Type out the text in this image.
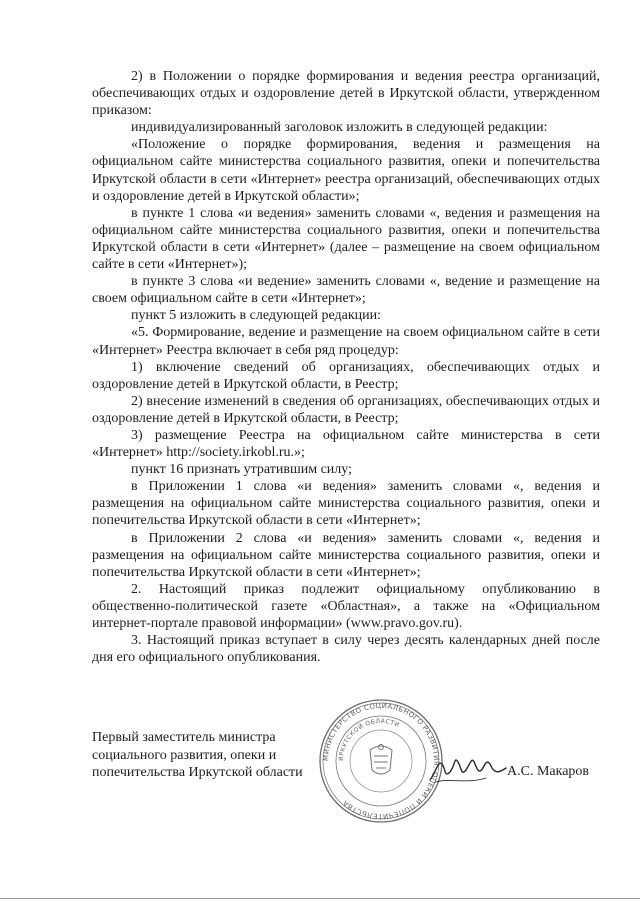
2) в Положении о порядке формирования и ведения реестра организаций, обеспечивающих отдых и оздоровление детей в Иркутской области, утвержденном приказом:

индивидуализированный заголовок изложить в следующей редакции:

«Положение о порядке формирования, ведения и размещения на официальном сайте министерства социального развития, опеки и попечительства Иркутской области в сети «Интернет» реестра организаций, обеспечивающих отдых и оздоровление детей в Иркутской области»;

в пункте 1 слова «и ведения» заменить словами «, ведения и размещения на официальном сайте министерства социального развития, опеки и попечительства Иркутской области в сети «Интернет» (далее – размещение на своем официальном сайте в сети «Интернет»);

в пункте 3 слова «и ведение» заменить словами «, ведение и размещение на своем официальном сайте в сети «Интернет»;

пункт 5 изложить в следующей редакции:

«5. Формирование, ведение и размещение на своем официальном сайте в сети «Интернет» Реестра включает в себя ряд процедур:

1) включение сведений об организациях, обеспечивающих отдых и оздоровление детей в Иркутской области, в Реестр;

2) внесение изменений в сведения об организациях, обеспечивающих отдых и оздоровление детей в Иркутской области, в Реестр;

3) размещение Реестра на официальном сайте министерства в сети «Интернет» http://society.irkobl.ru.»;

пункт 16 признать утратившим силу;

в Приложении 1 слова «и ведения» заменить словами «, ведения и размещения на официальном сайте министерства социального развития, опеки и попечительства Иркутской области в сети «Интернет»;

в Приложении 2 слова «и ведения» заменить словами «, ведения и размещения на официальном сайте министерства социального развития, опеки и попечительства Иркутской области в сети «Интернет»;

2. Настоящий приказ подлежит официальному опубликованию в общественно-политической газете «Областная», а также на «Официальном интернет-портале правовой информации» (www.pravo.gov.ru).

3. Настоящий приказ вступает в силу через десять календарных дней после дня его официального опубликования.

Первый заместитель министра
социального развития, опеки и
попечительства Иркутской области
МИНИСТЕРСТВО СОЦИАЛЬНОГО РАЗВИТИЯ, ОПЕКИ И ПОПЕЧИТЕЛЬСТВА
ИРКУТСКОЙ ОБЛАСТИ
А.С. Макаров
